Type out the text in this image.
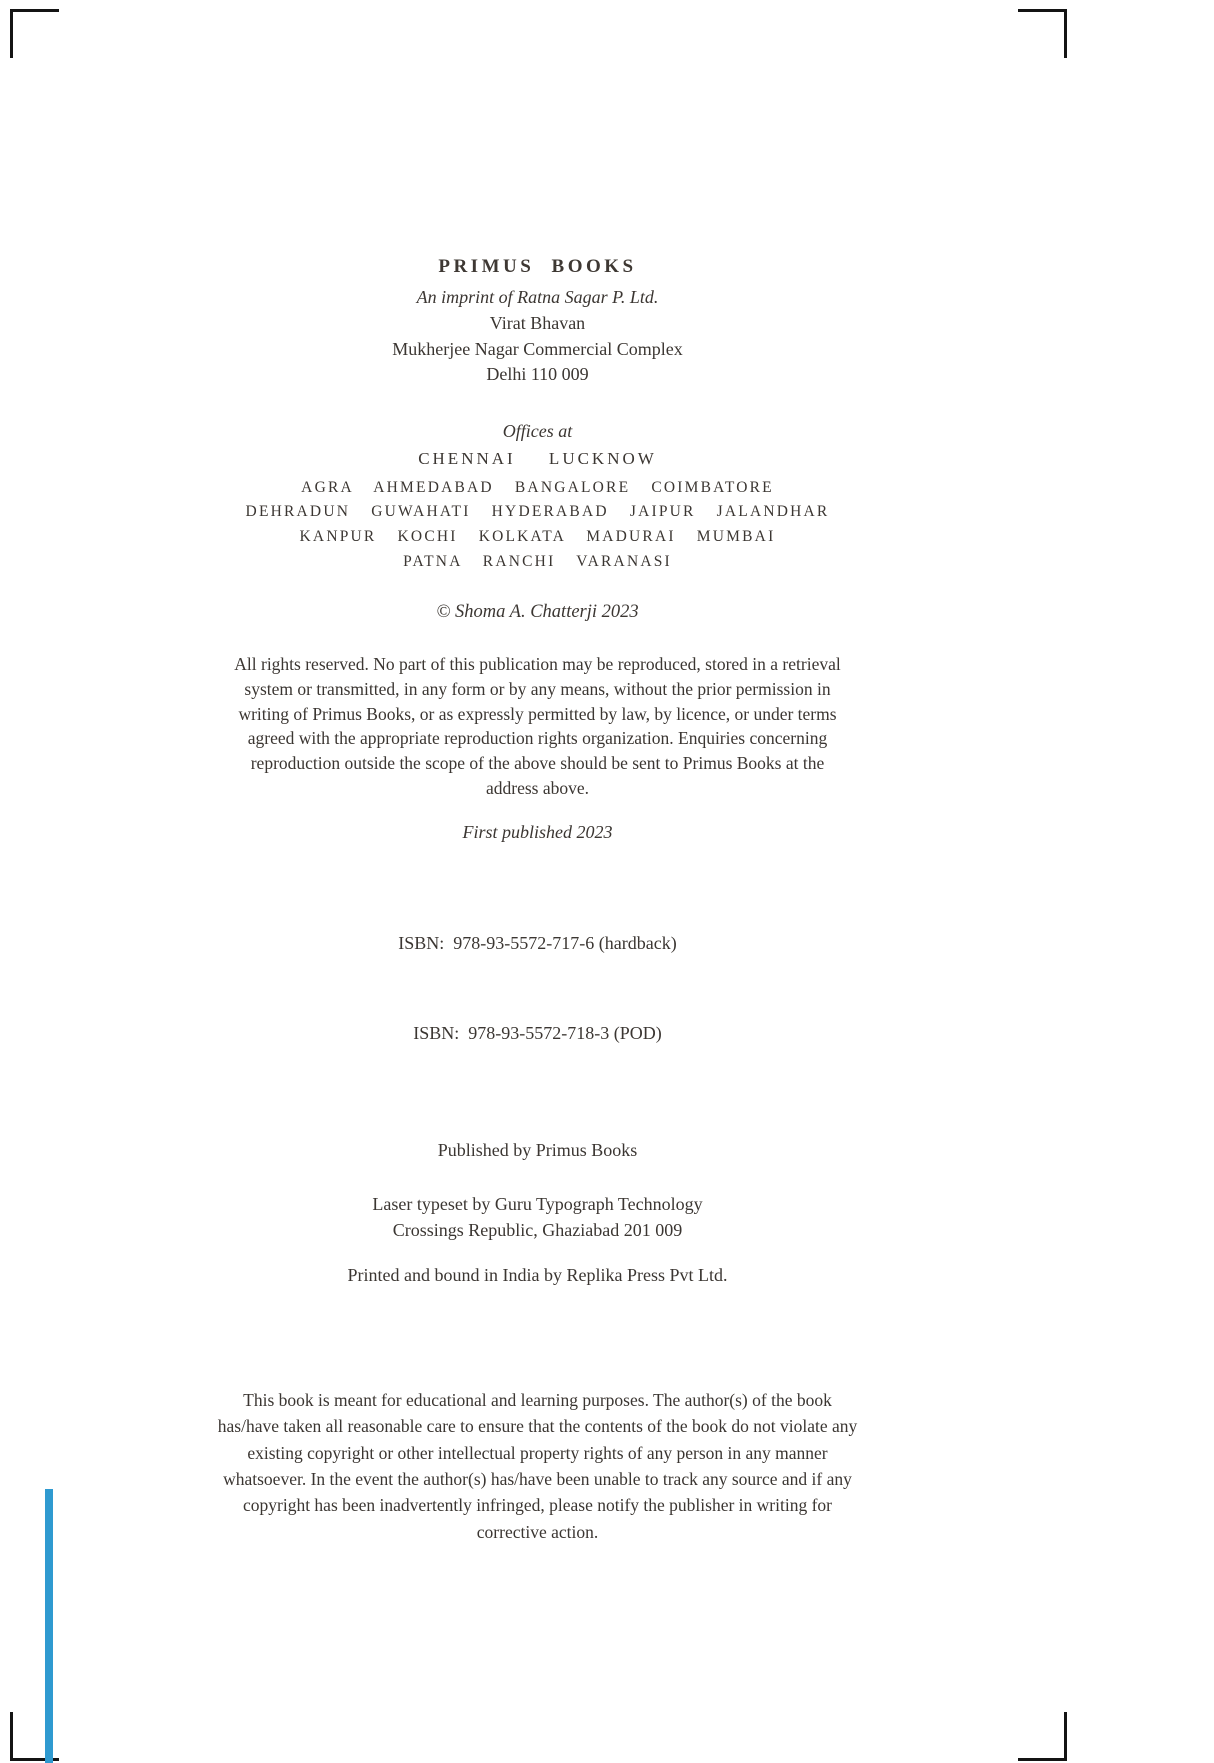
PRIMUS BOOKS
An imprint of Ratna Sagar P. Ltd.
Virat Bhavan
Mukherjee Nagar Commercial Complex
Delhi 110 009
Offices at
CHENNAI LUCKNOW
AGRA AHMEDABAD BANGALORE COIMBATORE
DEHRADUN GUWAHATI HYDERABAD JAIPUR JALANDHAR
KANPUR KOCHI KOLKATA MADURAI MUMBAI
PATNA RANCHI VARANASI
© Shoma A. Chatterji 2023
All rights reserved. No part of this publication may be reproduced, stored in a retrieval system or transmitted, in any form or by any means, without the prior permission in writing of Primus Books, or as expressly permitted by law, by licence, or under terms agreed with the appropriate reproduction rights organization. Enquiries concerning reproduction outside the scope of the above should be sent to Primus Books at the address above.
First published 2023

ISBN:  978-93-5572-717-6 (hardback)

ISBN:  978-93-5572-718-3 (POD)

Published by Primus Books
Laser typeset by Guru Typograph Technology
Crossings Republic, Ghaziabad 201 009
Printed and bound in India by Replika Press Pvt Ltd.
This book is meant for educational and learning purposes. The author(s) of the book has/have taken all reasonable care to ensure that the contents of the book do not violate any existing copyright or other intellectual property rights of any person in any manner whatsoever. In the event the author(s) has/have been unable to track any source and if any copyright has been inadvertently infringed, please notify the publisher in writing for corrective action.
